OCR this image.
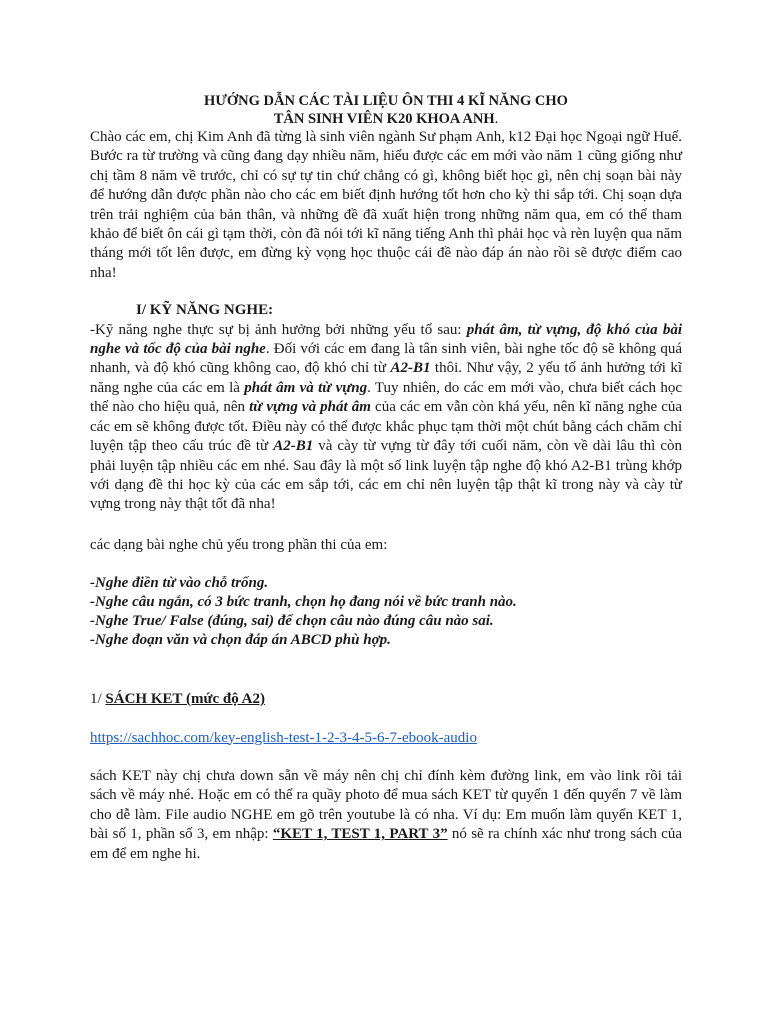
HƯỚNG DẪN CÁC TÀI LIỆU ÔN THI 4 KĨ NĂNG CHO
TÂN SINH VIÊN K20 KHOA ANH.

Chào các em, chị Kim Anh đã từng là sinh viên ngành Sư phạm Anh, k12 Đại học Ngoại ngữ Huế. Bước ra từ trường và cũng đang dạy nhiều năm, hiểu được các em mới vào năm 1 cũng giống như chị tầm 8 năm về trước, chỉ có sự tự tin chứ chẳng có gì, không biết học gì, nên chị soạn bài này để hướng dẫn được phần nào cho các em biết định hướng tốt hơn cho kỳ thi sắp tới. Chị soạn dựa trên trải nghiệm của bản thân, và những đề đã xuất hiện trong những năm qua, em có thể tham khảo để biết ôn cái gì tạm thời, còn đã nói tới kĩ năng tiếng Anh thì phải học và rèn luyện qua năm tháng mới tốt lên được, em đừng kỳ vọng học thuộc cái đề nào đáp án nào rồi sẽ được điểm cao nha!

I/ KỸ NĂNG NGHE:

-Kỹ năng nghe thực sự bị ảnh hưởng bởi những yếu tố sau: phát âm, từ vựng, độ khó của bài nghe và tốc độ của bài nghe. Đối với các em đang là tân sinh viên, bài nghe tốc độ sẽ không quá nhanh, và độ khó cũng không cao, độ khó chỉ từ A2-B1 thôi. Như vậy, 2 yếu tố ảnh hưởng tới kĩ năng nghe của các em là phát âm và từ vựng. Tuy nhiên, do các em mới vào, chưa biết cách học thế nào cho hiệu quả, nên từ vựng và phát âm của các em vẫn còn khá yếu, nên kĩ năng nghe của các em sẽ không được tốt. Điều này có thể được khắc phục tạm thời một chút bằng cách chăm chỉ luyện tập theo cấu trúc đề từ A2-B1 và cày từ vựng từ đây tới cuối năm, còn về dài lâu thì còn phải luyện tập nhiều các em nhé. Sau đây là một số link luyện tập nghe độ khó A2-B1 trùng khớp với dạng đề thi học kỳ của các em sắp tới, các em chỉ nên luyện tập thật kĩ trong này và cày từ vựng trong này thật tốt đã nha!

các dạng bài nghe chủ yếu trong phần thi của em:
-Nghe điền từ vào chỗ trống.
-Nghe câu ngắn, có 3 bức tranh, chọn họ đang nói về bức tranh nào.
-Nghe True/ False (đúng, sai) để chọn câu nào đúng câu nào sai.
-Nghe đoạn văn và chọn đáp án ABCD phù hợp.
1/ SÁCH KET (mức độ A2)
https://sachhoc.com/key-english-test-1-2-3-4-5-6-7-ebook-audio

sách KET này chị chưa down sẵn về máy nên chị chỉ đính kèm đường link, em vào link rồi tải sách về máy nhé. Hoặc em có thể ra quầy photo để mua sách KET từ quyển 1 đến quyển 7 về làm cho dễ làm. File audio NGHE em gõ trên youtube là có nha. Ví dụ: Em muốn làm quyển KET 1, bài số 1, phần số 3, em nhập: “KET 1, TEST 1, PART 3” nó sẽ ra chính xác như trong sách của em để em nghe hi.
